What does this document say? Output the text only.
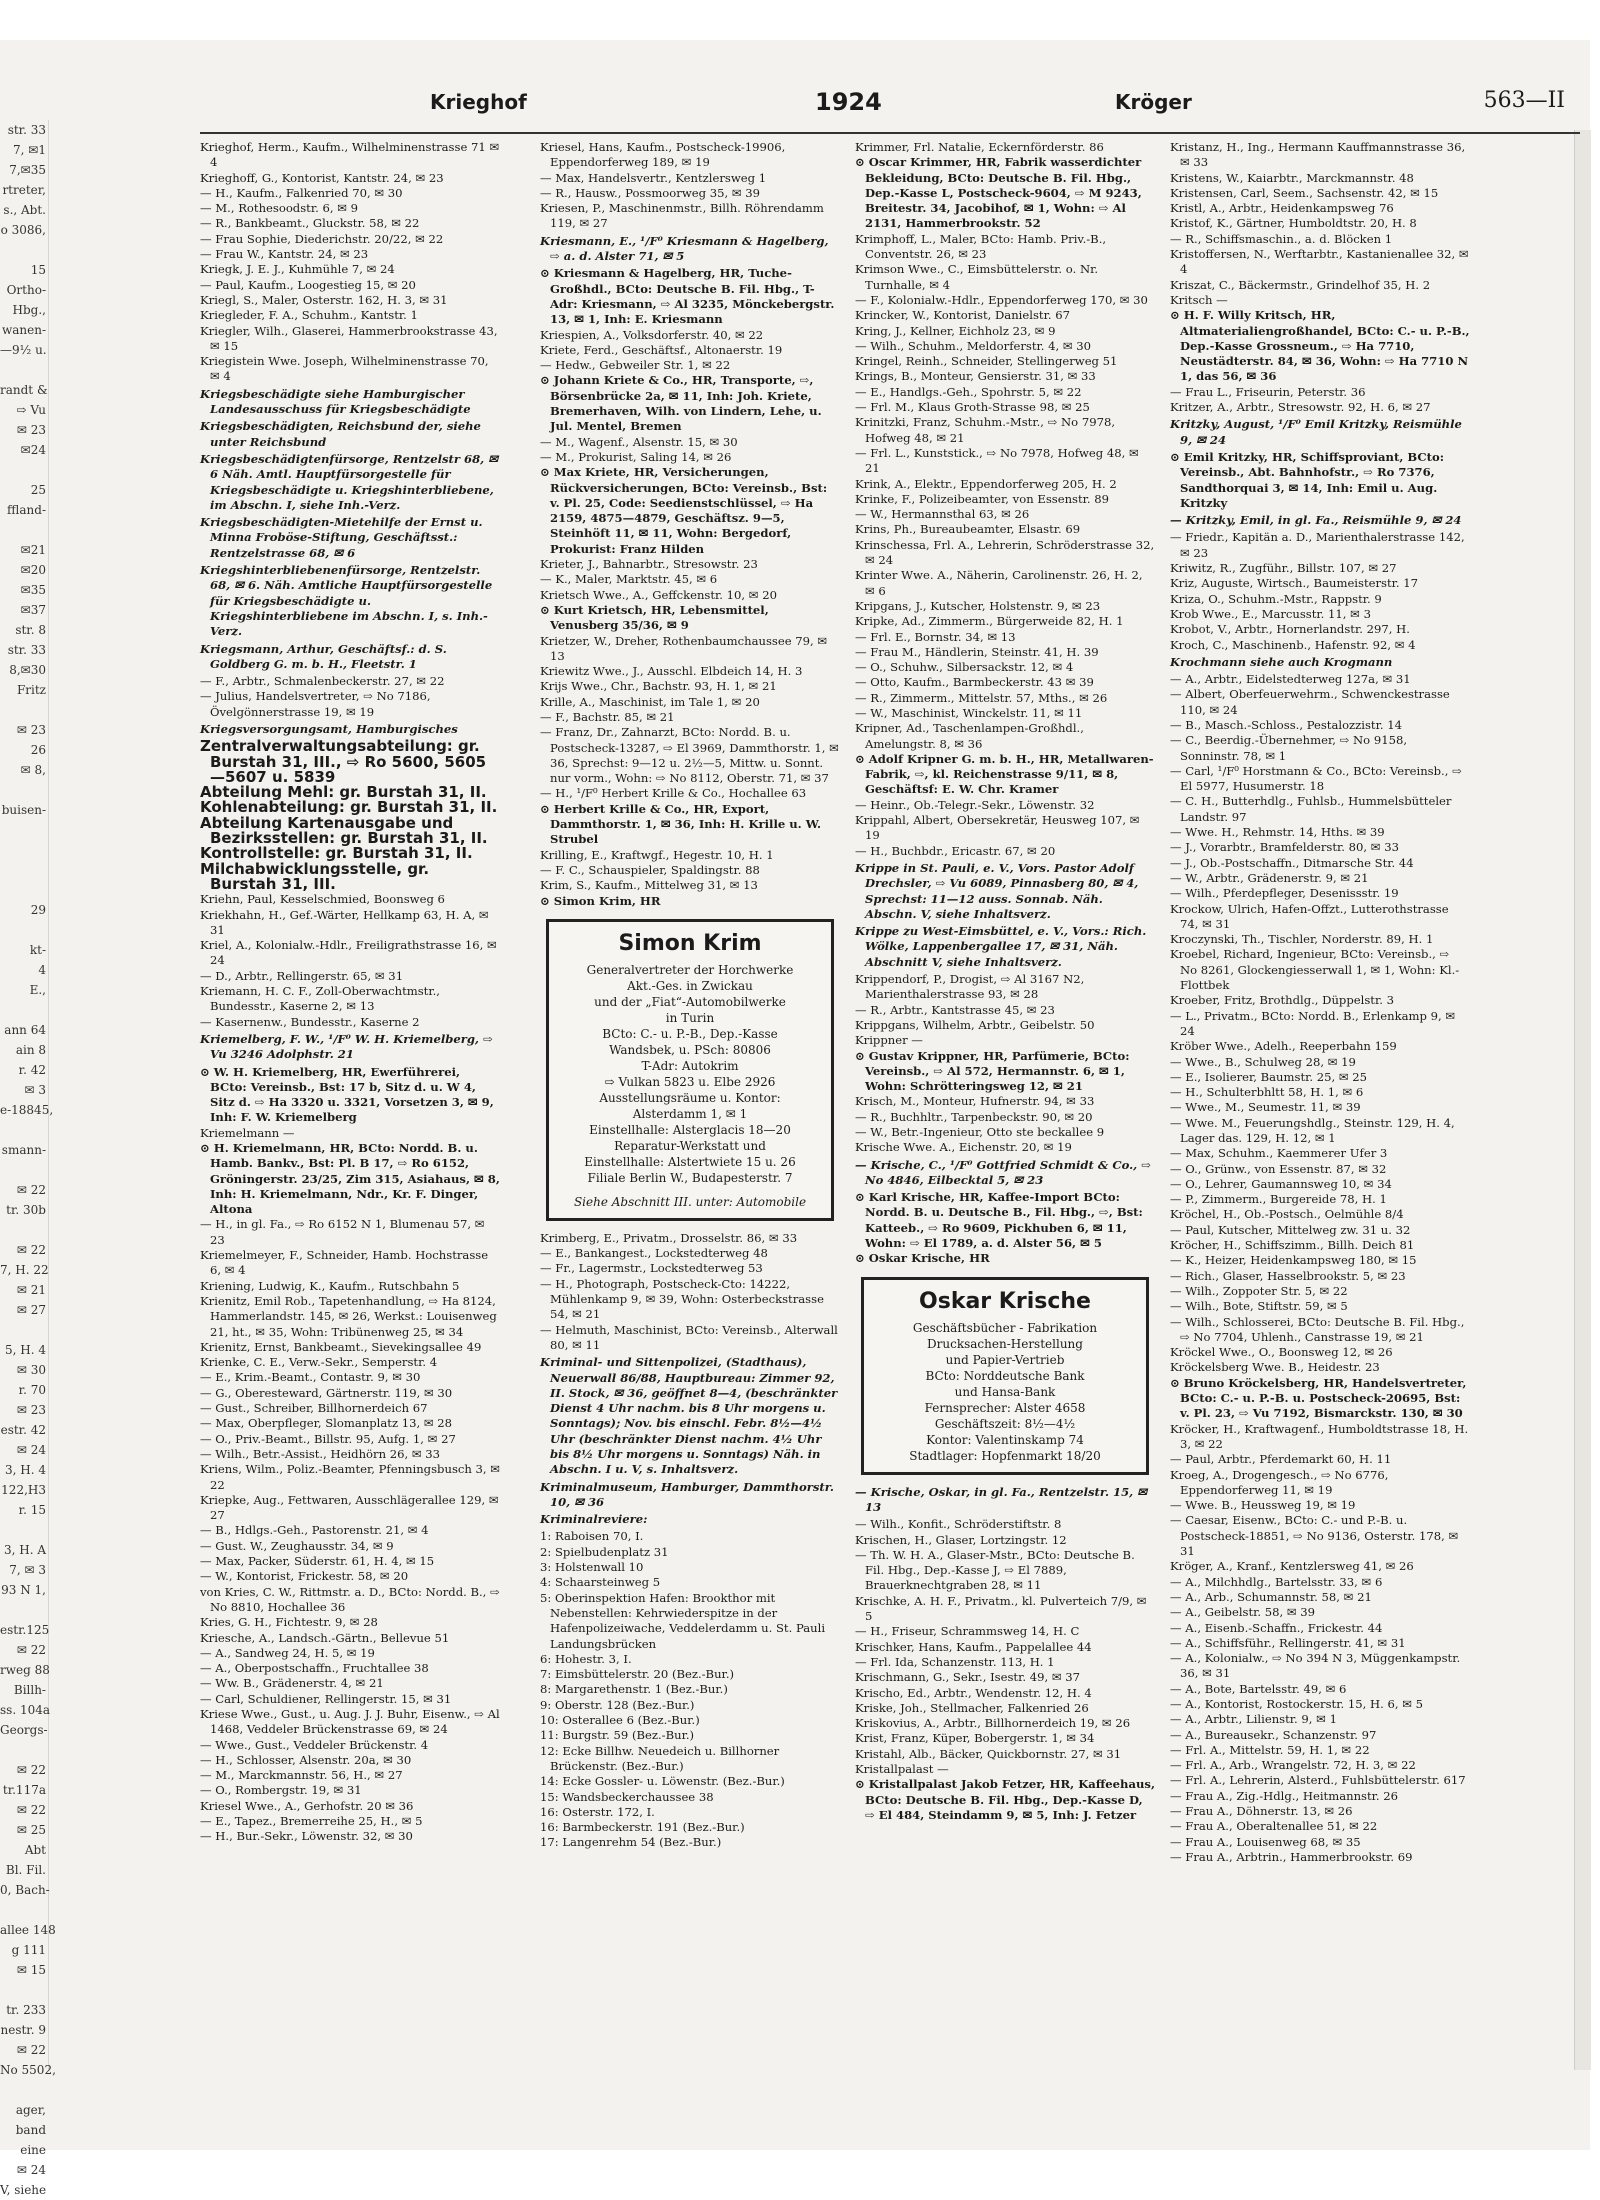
str. 33
7, ✉1
7,✉35
rtreter,
s., Abt.
o 3086,

15
Ortho-
Hbg.,
wanen-
—9½ u.

randt &
⇨ Vu
✉ 23
✉24

25
ffland-

✉21
✉20
✉35
✉37
str. 8
str. 33
8,✉30
Fritz

✉ 23
26
✉ 8,

buisen-

29

kt-
4
E.,

ann 64
ain 8
r. 42
✉ 3
e-18845,

smann-

✉ 22
tr. 30b

✉ 22
7, H. 22
✉ 21
✉ 27

5, H. 4
✉ 30
r. 70
✉ 23
estr. 42
✉ 24
3, H. 4
122,H3
r. 15

3, H. A
7, ✉ 3
93 N 1,

estr.125
✉ 22
rweg 88
Billh-
ss. 104a
Georgs-

✉ 22
tr.117a
✉ 22
✉ 25
Abt
Bl. Fil.
0, Bach-

allee 148
g 111
✉ 15

tr. 233
nestr. 9
✉ 22
No 5502,

ager,
band
eine
✉ 24
V, siehe
Krieghof	1924	Kröger	563—II

Krieghof, Herm., Kaufm., Wilhelminenstrasse 71 ✉ 4

Krieghoff, G., Kontorist, Kantstr. 24, ✉ 23

— H., Kaufm., Falkenried 70, ✉ 30

— M., Rothesoodstr. 6, ✉ 9

— R., Bankbeamt., Gluckstr. 58, ✉ 22

— Frau Sophie, Diederichstr. 20/22, ✉ 22

— Frau W., Kantstr. 24, ✉ 23

Kriegk, J. E. J., Kuhmühle 7, ✉ 24

— Paul, Kaufm., Loogestieg 15, ✉ 20

Kriegl, S., Maler, Osterstr. 162, H. 3, ✉ 31

Kriegleder, F. A., Schuhm., Kantstr. 1

Kriegler, Wilh., Glaserei, Hammerbrookstrasse 43, ✉ 15

Kriegistein Wwe. Joseph, Wilhelminenstrasse 70, ✉ 4

Kriegsbeschädigte siehe Hamburgischer Landesausschuss für Kriegsbeschädigte

Kriegsbeschädigten, Reichsbund der, siehe unter Reichsbund

Kriegsbeschädigtenfürsorge, Rentzelstr 68, ✉ 6 Näh. Amtl. Hauptfürsorgestelle für Kriegsbeschädigte u. Kriegshinterbliebene, im Abschn. I, siehe Inh.-Verz.

Kriegsbeschädigten-Mietehilfe der Ernst u. Minna Froböse-Stiftung, Geschäftsst.: Rentzelstrasse 68, ✉ 6

Kriegshinterbliebenenfürsorge, Rentzelstr. 68, ✉ 6. Näh. Amtliche Hauptfürsorgestelle für Kriegsbeschädigte u. Kriegshinterbliebene im Abschn. I, s. Inh.-Verz.

Kriegsmann, Arthur, Geschäftsf.: d. S. Goldberg G. m. b. H., Fleetstr. 1

— F., Arbtr., Schmalenbeckerstr. 27, ✉ 22

— Julius, Handelsvertreter, ⇨ No 7186, Övelgönnerstrasse 19, ✉ 19

Kriegsversorgungsamt, Hamburgisches

Zentralverwaltungsabteilung: gr. Burstah 31, III., ⇨ Ro 5600, 5605—5607 u. 5839

Abteilung Mehl: gr. Burstah 31, II.

Kohlenabteilung: gr. Burstah 31, II.

Abteilung Kartenausgabe und Bezirksstellen: gr. Burstah 31, II.

Kontrollstelle: gr. Burstah 31, II.

Milchabwicklungsstelle, gr. Burstah 31, III.

Kriehn, Paul, Kesselschmied, Boonsweg 6

Kriekhahn, H., Gef.-Wärter, Hellkamp 63, H. A, ✉ 31

Kriel, A., Kolonialw.-Hdlr., Freiligrathstrasse 16, ✉ 24

— D., Arbtr., Rellingerstr. 65, ✉ 31

Kriemann, H. C. F., Zoll-Oberwachtmstr., Bundesstr., Kaserne 2, ✉ 13

— Kasernenw., Bundesstr., Kaserne 2

Kriemelberg, F. W., ¹/F⁰ W. H. Kriemelberg, ⇨ Vu 3246 Adolphstr. 21

⊙ W. H. Kriemelberg, HR, Ewerführerei, BCto: Vereinsb., Bst: 17 b, Sitz d. u. W 4, Sitz d. ⇨ Ha 3320 u. 3321, Vorsetzen 3, ✉ 9, Inh: F. W. Kriemelberg

Kriemelmann —

⊙ H. Kriemelmann, HR, BCto: Nordd. B. u. Hamb. Bankv., Bst: Pl. B 17, ⇨ Ro 6152, Gröningerstr. 23/25, Zim 315, Asiahaus, ✉ 8, Inh: H. Kriemelmann, Ndr., Kr. F. Dinger, Altona

— H., in gl. Fa., ⇨ Ro 6152 N 1, Blumenau 57, ✉ 23

Kriemelmeyer, F., Schneider, Hamb. Hochstrasse 6, ✉ 4

Kriening, Ludwig, K., Kaufm., Rutschbahn 5

Krienitz, Emil Rob., Tapetenhandlung, ⇨ Ha 8124, Hammerlandstr. 145, ✉ 26, Werkst.: Louisenweg 21, ht., ✉ 35, Wohn: Tribünenweg 25, ✉ 34

Krienitz, Ernst, Bankbeamt., Sievekingsallee 49

Krienke, C. E., Verw.-Sekr., Semperstr. 4

— E., Krim.-Beamt., Contastr. 9, ✉ 30

— G., Oberesteward, Gärtnerstr. 119, ✉ 30

— Gust., Schreiber, Billhornerdeich 67

— Max, Oberpfleger, Slomanplatz 13, ✉ 28

— O., Priv.-Beamt., Billstr. 95, Aufg. 1, ✉ 27

— Wilh., Betr.-Assist., Heidhörn 26, ✉ 33

Kriens, Wilm., Poliz.-Beamter, Pfenningsbusch 3, ✉ 22

Kriepke, Aug., Fettwaren, Ausschlägerallee 129, ✉ 27

— B., Hdlgs.-Geh., Pastorenstr. 21, ✉ 4

— Gust. W., Zeughausstr. 34, ✉ 9

— Max, Packer, Süderstr. 61, H. 4, ✉ 15

— W., Kontorist, Frickestr. 58, ✉ 20

von Kries, C. W., Rittmstr. a. D., BCto: Nordd. B., ⇨ No 8810, Hochallee 36

Kries, G. H., Fichtestr. 9, ✉ 28

Kriesche, A., Landsch.-Gärtn., Bellevue 51

— A., Sandweg 24, H. 5, ✉ 19

— A., Oberpostschaffn., Fruchtallee 38

— Ww. B., Grädenerstr. 4, ✉ 21

— Carl, Schuldiener, Rellingerstr. 15, ✉ 31

Kriese Wwe., Gust., u. Aug. J. J. Buhr, Eisenw., ⇨ Al 1468, Veddeler Brückenstrasse 69, ✉ 24

— Wwe., Gust., Veddeler Brückenstr. 4

— H., Schlosser, Alsenstr. 20a, ✉ 30

— M., Marckmannstr. 56, H., ✉ 27

— O., Rombergstr. 19, ✉ 31

Kriesel Wwe., A., Gerhofstr. 20 ✉ 36

— E., Tapez., Bremerreihe 25, H., ✉ 5

— H., Bur.-Sekr., Löwenstr. 32, ✉ 30

Kriesel, Hans, Kaufm., Postscheck-19906, Eppendorferweg 189, ✉ 19

— Max, Handelsvertr., Kentzlersweg 1

— R., Hausw., Possmoorweg 35, ✉ 39

Kriesen, P., Maschinenmstr., Billh. Röhrendamm 119, ✉ 27

Kriesmann, E., ¹/F⁰ Kriesmann & Hagelberg, ⇨ a. d. Alster 71, ✉ 5

⊙ Kriesmann & Hagelberg, HR, Tuche-Großhdl., BCto: Deutsche B. Fil. Hbg., T-Adr: Kriesmann, ⇨ Al 3235, Mönckebergstr. 13, ✉ 1, Inh: E. Kriesmann

Kriespien, A., Volksdorferstr. 40, ✉ 22

Kriete, Ferd., Geschäftsf., Altonaerstr. 19

— Hedw., Gebweiler Str. 1, ✉ 22

⊙ Johann Kriete & Co., HR, Transporte, ⇨, Börsenbrücke 2a, ✉ 11, Inh: Joh. Kriete, Bremerhaven, Wilh. von Lindern, Lehe, u. Jul. Mentel, Bremen

— M., Wagenf., Alsenstr. 15, ✉ 30

— M., Prokurist, Saling 14, ✉ 26

⊙ Max Kriete, HR, Versicherungen, Rückversicherungen, BCto: Vereinsb., Bst: v. Pl. 25, Code: Seedienstschlüssel, ⇨ Ha 2159, 4875—4879, Geschäftsz. 9—5, Steinhöft 11, ✉ 11, Wohn: Bergedorf, Prokurist: Franz Hilden

Krieter, J., Bahnarbtr., Stresowstr. 23

— K., Maler, Marktstr. 45, ✉ 6

Krietsch Wwe., A., Geffckenstr. 10, ✉ 20

⊙ Kurt Krietsch, HR, Lebensmittel, Venusberg 35/36, ✉ 9

Krietzer, W., Dreher, Rothenbaumchaussee 79, ✉ 13

Kriewitz Wwe., J., Ausschl. Elbdeich 14, H. 3

Krijs Wwe., Chr., Bachstr. 93, H. 1, ✉ 21

Krille, A., Maschinist, im Tale 1, ✉ 20

— F., Bachstr. 85, ✉ 21

— Franz, Dr., Zahnarzt, BCto: Nordd. B. u. Postscheck-13287, ⇨ El 3969, Dammthorstr. 1, ✉ 36, Sprechst: 9—12 u. 2½—5, Mittw. u. Sonnt. nur vorm., Wohn: ⇨ No 8112, Oberstr. 71, ✉ 37

— H., ¹/F⁰ Herbert Krille & Co., Hochallee 63

⊙ Herbert Krille & Co., HR, Export, Dammthorstr. 1, ✉ 36, Inh: H. Krille u. W. Strubel

Krilling, E., Kraftwgf., Hegestr. 10, H. 1

— F. C., Schauspieler, Spaldingstr. 88

Krim, S., Kaufm., Mittelweg 31, ✉ 13

⊙ Simon Krim, HR

Simon Krim
Generalvertreter der Horchwerke
Akt.-Ges. in Zwickau
und der „Fiat“-Automobilwerke
in Turin
BCto: C.- u. P.-B., Dep.-Kasse
Wandsbek, u. PSch: 80806
T-Adr: Autokrim
⇨ Vulkan 5823 u. Elbe 2926
Ausstellungsräume u. Kontor:
Alsterdamm 1, ✉ 1
Einstellhalle: Alsterglacis 18—20
Reparatur-Werkstatt und
Einstellhalle: Alstertwiete 15 u. 26
Filiale Berlin W., Budapesterstr. 7
Siehe Abschnitt III. unter: Automobile

Krimberg, E., Privatm., Drosselstr. 86, ✉ 33

— E., Bankangest., Lockstedterweg 48

— Fr., Lagermstr., Lockstedterweg 53

— H., Photograph, Postscheck-Cto: 14222, Mühlenkamp 9, ✉ 39, Wohn: Osterbeckstrasse 54, ✉ 21

— Helmuth, Maschinist, BCto: Vereinsb., Alterwall 80, ✉ 11

Kriminal- und Sittenpolizei, (Stadthaus), Neuerwall 86/88, Hauptbureau: Zimmer 92, II. Stock, ✉ 36, geöffnet 8—4, (beschränkter Dienst 4 Uhr nachm. bis 8 Uhr morgens u. Sonntags); Nov. bis einschl. Febr. 8½—4½ Uhr (beschränkter Dienst nachm. 4½ Uhr bis 8½ Uhr morgens u. Sonntags) Näh. in Abschn. I u. V, s. Inhaltsverz.

Kriminalmuseum, Hamburger, Dammthorstr. 10, ✉ 36

Kriminalreviere:

1: Raboisen 70, I.

2: Spielbudenplatz 31

3: Holstenwall 10

4: Schaarsteinweg 5

5: Oberinspektion Hafen: Brookthor mit Nebenstellen: Kehrwiederspitze in der Hafenpolizeiwache, Veddelerdamm u. St. Pauli Landungsbrücken

6: Hohestr. 3, I.

7: Eimsbüttelerstr. 20 (Bez.-Bur.)

8: Margarethenstr. 1 (Bez.-Bur.)

9: Oberstr. 128 (Bez.-Bur.)

10: Osterallee 6 (Bez.-Bur.)

11: Burgstr. 59 (Bez.-Bur.)

12: Ecke Billhw. Neuedeich u. Billhorner Brückenstr. (Bez.-Bur.)

14: Ecke Gossler- u. Löwenstr. (Bez.-Bur.)

15: Wandsbeckerchaussee 38

16: Osterstr. 172, I.

16: Barmbeckerstr. 191 (Bez.-Bur.)

17: Langenrehm 54 (Bez.-Bur.)

Krimmer, Frl. Natalie, Eckernförderstr. 86

⊙ Oscar Krimmer, HR, Fabrik wasserdichter Bekleidung, BCto: Deutsche B. Fil. Hbg., Dep.-Kasse L, Postscheck-9604, ⇨ M 9243, Breitestr. 34, Jacobihof, ✉ 1, Wohn: ⇨ Al 2131, Hammerbrookstr. 52

Krimphoff, L., Maler, BCto: Hamb. Priv.-B., Conventstr. 26, ✉ 23

Krimson Wwe., C., Eimsbüttelerstr. o. Nr. Turnhalle, ✉ 4

— F., Kolonialw.-Hdlr., Eppendorferweg 170, ✉ 30

Krincker, W., Kontorist, Danielstr. 67

Kring, J., Kellner, Eichholz 23, ✉ 9

— Wilh., Schuhm., Meldorferstr. 4, ✉ 30

Kringel, Reinh., Schneider, Stellingerweg 51

Krings, B., Monteur, Gensierstr. 31, ✉ 33

— E., Handlgs.-Geh., Spohrstr. 5, ✉ 22

— Frl. M., Klaus Groth-Strasse 98, ✉ 25

Krinitzki, Franz, Schuhm.-Mstr., ⇨ No 7978, Hofweg 48, ✉ 21

— Frl. L., Kunststick., ⇨ No 7978, Hofweg 48, ✉ 21

Krink, A., Elektr., Eppendorferweg 205, H. 2

Krinke, F., Polizeibeamter, von Essenstr. 89

— W., Hermannsthal 63, ✉ 26

Krins, Ph., Bureaubeamter, Elsastr. 69

Krinschessa, Frl. A., Lehrerin, Schröderstrasse 32, ✉ 24

Krinter Wwe. A., Näherin, Carolinenstr. 26, H. 2, ✉ 6

Kripgans, J., Kutscher, Holstenstr. 9, ✉ 23

Kripke, Ad., Zimmerm., Bürgerweide 82, H. 1

— Frl. E., Bornstr. 34, ✉ 13

— Frau M., Händlerin, Steinstr. 41, H. 39

— O., Schuhw., Silbersackstr. 12, ✉ 4

— Otto, Kaufm., Barmbeckerstr. 43 ✉ 39

— R., Zimmerm., Mittelstr. 57, Mths., ✉ 26

— W., Maschinist, Winckelstr. 11, ✉ 11

Kripner, Ad., Taschenlampen-Großhdl., Amelungstr. 8, ✉ 36

⊙ Adolf Kripner G. m. b. H., HR, Metallwaren-Fabrik, ⇨, kl. Reichenstrasse 9/11, ✉ 8, Geschäftsf: E. W. Chr. Kramer

— Heinr., Ob.-Telegr.-Sekr., Löwenstr. 32

Krippahl, Albert, Obersekretär, Heusweg 107, ✉ 19

— H., Buchbdr., Ericastr. 67, ✉ 20

Krippe in St. Pauli, e. V., Vors. Pastor Adolf Drechsler, ⇨ Vu 6089, Pinnasberg 80, ✉ 4, Sprechst: 11—12 auss. Sonnab. Näh. Abschn. V, siehe Inhaltsverz.

Krippe zu West-Eimsbüttel, e. V., Vors.: Rich. Wölke, Lappenbergallee 17, ✉ 31, Näh. Abschnitt V, siehe Inhaltsverz.

Krippendorf, P., Drogist, ⇨ Al 3167 N2, Marienthalerstrasse 93, ✉ 28

— R., Arbtr., Kantstrasse 45, ✉ 23

Krippgans, Wilhelm, Arbtr., Geibelstr. 50

Krippner —

⊙ Gustav Krippner, HR, Parfümerie, BCto: Vereinsb., ⇨ Al 572, Hermannstr. 6, ✉ 1, Wohn: Schrötteringsweg 12, ✉ 21

Krisch, M., Monteur, Hufnerstr. 94, ✉ 33

— R., Buchhltr., Tarpenbeckstr. 90, ✉ 20

— W., Betr.-Ingenieur, Otto ste beckallee 9

Krische Wwe. A., Eichenstr. 20, ✉ 19

— Krische, C., ¹/F⁰ Gottfried Schmidt & Co., ⇨ No 4846, Eilbecktal 5, ✉ 23

⊙ Karl Krische, HR, Kaffee-Import BCto: Nordd. B. u. Deutsche B., Fil. Hbg., ⇨, Bst: Katteeb., ⇨ Ro 9609, Pickhuben 6, ✉ 11, Wohn: ⇨ El 1789, a. d. Alster 56, ✉ 5

⊙ Oskar Krische, HR

Oskar Krische
Geschäftsbücher - Fabrikation
Drucksachen-Herstellung
und Papier-Vertrieb
BCto: Norddeutsche Bank
und Hansa-Bank
Fernsprecher: Alster 4658
Geschäftszeit: 8½—4½
Kontor: Valentinskamp 74
Stadtlager: Hopfenmarkt 18/20

— Krische, Oskar, in gl. Fa., Rentzelstr. 15, ✉ 13

— Wilh., Konfit., Schröderstiftstr. 8

Krischen, H., Glaser, Lortzingstr. 12

— Th. W. H. A., Glaser-Mstr., BCto: Deutsche B. Fil. Hbg., Dep.-Kasse J, ⇨ El 7889, Brauerknechtgraben 28, ✉ 11

Krischke, A. H. F., Privatm., kl. Pulverteich 7/9, ✉ 5

— H., Friseur, Schrammsweg 14, H. C

Krischker, Hans, Kaufm., Pappelallee 44

— Frl. Ida, Schanzenstr. 113, H. 1

Krischmann, G., Sekr., Isestr. 49, ✉ 37

Krischo, Ed., Arbtr., Wendenstr. 12, H. 4

Kriske, Joh., Stellmacher, Falkenried 26

Kriskovius, A., Arbtr., Billhornerdeich 19, ✉ 26

Krist, Franz, Küper, Bobergerstr. 1, ✉ 34

Kristahl, Alb., Bäcker, Quickbornstr. 27, ✉ 31

Kristallpalast —

⊙ Kristallpalast Jakob Fetzer, HR, Kaffeehaus, BCto: Deutsche B. Fil. Hbg., Dep.-Kasse D, ⇨ El 484, Steindamm 9, ✉ 5, Inh: J. Fetzer

Kristanz, H., Ing., Hermann Kauffmannstrasse 36, ✉ 33

Kristens, W., Kaiarbtr., Marckmannstr. 48

Kristensen, Carl, Seem., Sachsenstr. 42, ✉ 15

Kristl, A., Arbtr., Heidenkampsweg 76

Kristof, K., Gärtner, Humboldtstr. 20, H. 8

— R., Schiffsmaschin., a. d. Blöcken 1

Kristoffersen, N., Werftarbtr., Kastanienallee 32, ✉ 4

Kriszat, C., Bäckermstr., Grindelhof 35, H. 2

Kritsch —

⊙ H. F. Willy Kritsch, HR, Altmaterialiengroßhandel, BCto: C.- u. P.-B., Dep.-Kasse Grossneum., ⇨ Ha 7710, Neustädterstr. 84, ✉ 36, Wohn: ⇨ Ha 7710 N 1, das 56, ✉ 36

— Frau L., Friseurin, Peterstr. 36

Kritzer, A., Arbtr., Stresowstr. 92, H. 6, ✉ 27

Kritzky, August, ¹/F⁰ Emil Kritzky, Reismühle 9, ✉ 24

⊙ Emil Kritzky, HR, Schiffsproviant, BCto: Vereinsb., Abt. Bahnhofstr., ⇨ Ro 7376, Sandthorquai 3, ✉ 14, Inh: Emil u. Aug. Kritzky

— Kritzky, Emil, in gl. Fa., Reismühle 9, ✉ 24

— Friedr., Kapitän a. D., Marienthalerstrasse 142, ✉ 23

Kriwitz, R., Zugführ., Billstr. 107, ✉ 27

Kriz, Auguste, Wirtsch., Baumeisterstr. 17

Kriza, O., Schuhm.-Mstr., Rappstr. 9

Krob Wwe., E., Marcusstr. 11, ✉ 3

Krobot, V., Arbtr., Hornerlandstr. 297, H.

Kroch, C., Maschinenb., Hafenstr. 92, ✉ 4

Krochmann siehe auch Krogmann

— A., Arbtr., Eidelstedterweg 127a, ✉ 31

— Albert, Oberfeuerwehrm., Schwenckestrasse 110, ✉ 24

— B., Masch.-Schloss., Pestalozzistr. 14

— C., Beerdig.-Übernehmer, ⇨ No 9158, Sonninstr. 78, ✉ 1

— Carl, ¹/F⁰ Horstmann & Co., BCto: Vereinsb., ⇨ El 5977, Husumerstr. 18

— C. H., Butterhdlg., Fuhlsb., Hummelsbütteler Landstr. 97

— Wwe. H., Rehmstr. 14, Hths. ✉ 39

— J., Vorarbtr., Bramfelderstr. 80, ✉ 33

— J., Ob.-Postschaffn., Ditmarsche Str. 44

— W., Arbtr., Grädenerstr. 9, ✉ 21

— Wilh., Pferdepfleger, Desenissstr. 19

Krockow, Ulrich, Hafen-Offzt., Lutterothstrasse 74, ✉ 31

Kroczynski, Th., Tischler, Norderstr. 89, H. 1

Kroebel, Richard, Ingenieur, BCto: Vereinsb., ⇨ No 8261, Glockengiesserwall 1, ✉ 1, Wohn: Kl.-Flottbek

Kroeber, Fritz, Brothdlg., Düppelstr. 3

— L., Privatm., BCto: Nordd. B., Erlenkamp 9, ✉ 24

Kröber Wwe., Adelh., Reeperbahn 159

— Wwe., B., Schulweg 28, ✉ 19

— E., Isolierer, Baumstr. 25, ✉ 25

— H., Schulterbhltt 58, H. 1, ✉ 6

— Wwe., M., Seumestr. 11, ✉ 39

— Wwe. M., Feuerungshdlg., Steinstr. 129, H. 4, Lager das. 129, H. 12, ✉ 1

— Max, Schuhm., Kaemmerer Ufer 3

— O., Grünw., von Essenstr. 87, ✉ 32

— O., Lehrer, Gaumannsweg 10, ✉ 34

— P., Zimmerm., Burgereide 78, H. 1

Kröchel, H., Ob.-Postsch., Oelmühle 8/4

— Paul, Kutscher, Mittelweg zw. 31 u. 32

Kröcher, H., Schiffszimm., Billh. Deich 81

— K., Heizer, Heidenkampsweg 180, ✉ 15

— Rich., Glaser, Hasselbrookstr. 5, ✉ 23

— Wilh., Zoppoter Str. 5, ✉ 22

— Wilh., Bote, Stiftstr. 59, ✉ 5

— Wilh., Schlosserei, BCto: Deutsche B. Fil. Hbg., ⇨ No 7704, Uhlenh., Canstrasse 19, ✉ 21

Kröckel Wwe., O., Boonsweg 12, ✉ 26

Kröckelsberg Wwe. B., Heidestr. 23

⊙ Bruno Kröckelsberg, HR, Handelsvertreter, BCto: C.- u. P.-B. u. Postscheck-20695, Bst: v. Pl. 23, ⇨ Vu 7192, Bismarckstr. 130, ✉ 30

Kröcker, H., Kraftwagenf., Humboldtstrasse 18, H. 3, ✉ 22

— Paul, Arbtr., Pferdemarkt 60, H. 11

Kroeg, A., Drogengesch., ⇨ No 6776, Eppendorferweg 11, ✉ 19

— Wwe. B., Heussweg 19, ✉ 19

— Caesar, Eisenw., BCto: C.- und P.-B. u. Postscheck-18851, ⇨ No 9136, Osterstr. 178, ✉ 31

Kröger, A., Kranf., Kentzlersweg 41, ✉ 26

— A., Milchhdlg., Bartelsstr. 33, ✉ 6

— A., Arb., Schumannstr. 58, ✉ 21

— A., Geibelstr. 58, ✉ 39

— A., Eisenb.-Schaffn., Frickestr. 44

— A., Schiffsführ., Rellingerstr. 41, ✉ 31

— A., Kolonialw., ⇨ No 394 N 3, Müggenkampstr. 36, ✉ 31

— A., Bote, Bartelsstr. 49, ✉ 6

— A., Kontorist, Rostockerstr. 15, H. 6, ✉ 5

— A., Arbtr., Lilienstr. 9, ✉ 1

— A., Bureausekr., Schanzenstr. 97

— Frl. A., Mittelstr. 59, H. 1, ✉ 22

— Frl. A., Arb., Wrangelstr. 72, H. 3, ✉ 22

— Frl. A., Lehrerin, Alsterd., Fuhlsbüttelerstr. 617

— Frau A., Zig.-Hdlg., Heitmannstr. 26

— Frau A., Döhnerstr. 13, ✉ 26

— Frau A., Oberaltenallee 51, ✉ 22

— Frau A., Louisenweg 68, ✉ 35

— Frau A., Arbtrin., Hammerbrookstr. 69
